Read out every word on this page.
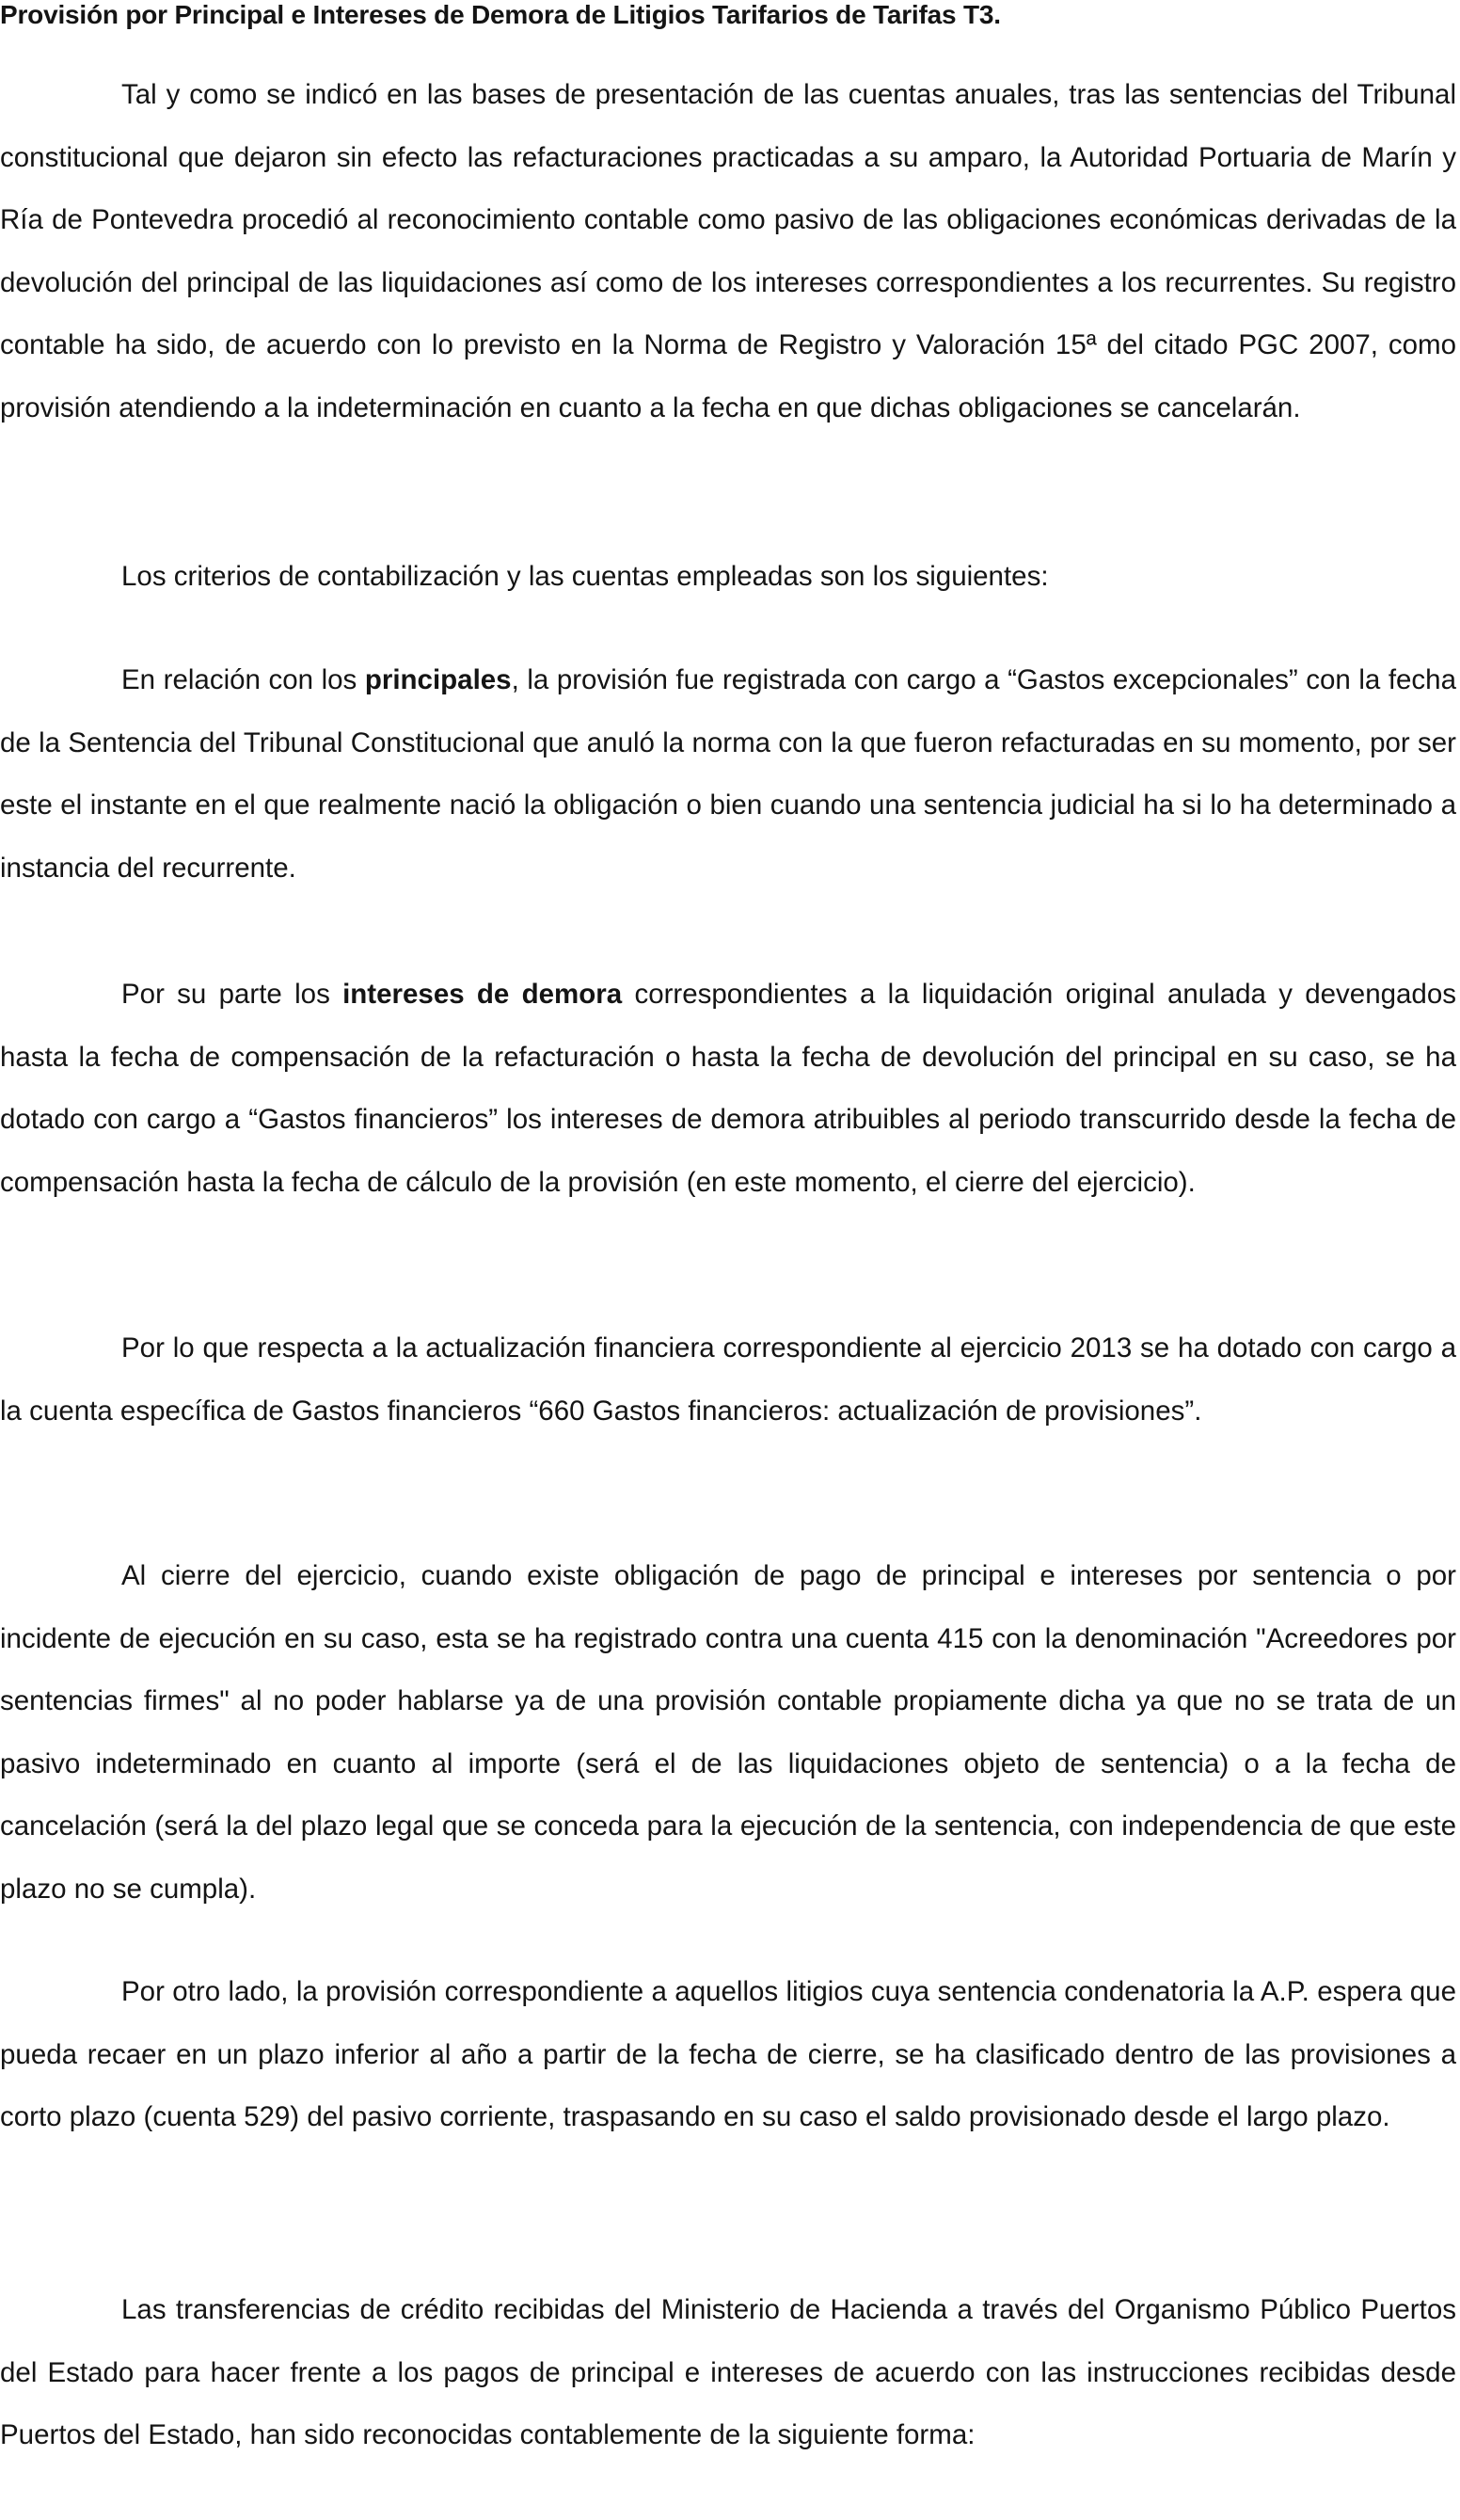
Provisión por Principal e Intereses de Demora de Litigios Tarifarios de Tarifas T3.

Tal y como se indicó en las bases de presentación de las cuentas anuales, tras las sentencias del Tribunal constitucional que dejaron sin efecto las refacturaciones practicadas a su amparo, la Autoridad Portuaria de Marín y Ría de Pontevedra procedió al reconocimiento contable como pasivo de las obligaciones económicas derivadas de la devolución del principal de las liquidaciones así como de los intereses correspondientes a los recurrentes. Su registro contable ha sido, de acuerdo con lo previsto en la Norma de Registro y Valoración 15ª del citado PGC 2007, como provisión atendiendo a la indeterminación en cuanto a la fecha en que dichas obligaciones se cancelarán.

Los criterios de contabilización y las cuentas empleadas son los siguientes:

En relación con los principales, la provisión fue registrada con cargo a “Gastos excepcionales” con la fecha de la Sentencia del Tribunal Constitucional que anuló la norma con la que fueron refacturadas en su momento, por ser este el instante en el que realmente nació la obligación o bien cuando una sentencia judicial ha si lo ha determinado a instancia del recurrente.

Por su parte los intereses de demora correspondientes a la liquidación original anulada y devengados hasta la fecha de compensación de la refacturación o hasta la fecha de devolución del principal en su caso, se ha dotado con cargo a “Gastos financieros” los intereses de demora atribuibles al periodo transcurrido desde la fecha de compensación hasta la fecha de cálculo de la provisión (en este momento, el cierre del ejercicio).

Por lo que respecta a la actualización financiera correspondiente al ejercicio 2013 se ha dotado con cargo a la cuenta específica de Gastos financieros “660 Gastos financieros: actualización de provisiones”.

Al cierre del ejercicio, cuando existe obligación de pago de principal e intereses por sentencia o por incidente de ejecución en su caso, esta se ha registrado contra una cuenta 415 con la denominación "Acreedores por sentencias firmes" al no poder hablarse ya de una provisión contable propiamente dicha ya que no se trata de un pasivo indeterminado en cuanto al importe (será el de las liquidaciones objeto de sentencia) o a la fecha de cancelación (será la del plazo legal que se conceda para la ejecución de la sentencia, con independencia de que este plazo no se cumpla).

Por otro lado, la provisión correspondiente a aquellos litigios cuya sentencia condenatoria la A.P. espera que pueda recaer en un plazo inferior al año a partir de la fecha de cierre, se ha clasificado dentro de las provisiones a corto plazo (cuenta 529) del pasivo corriente, traspasando en su caso el saldo provisionado desde el largo plazo.

Las transferencias de crédito recibidas del Ministerio de Hacienda a través del Organismo Público Puertos del Estado para hacer frente a los pagos de principal e intereses de acuerdo con las instrucciones recibidas desde Puertos del Estado, han sido reconocidas contablemente de la siguiente forma:
